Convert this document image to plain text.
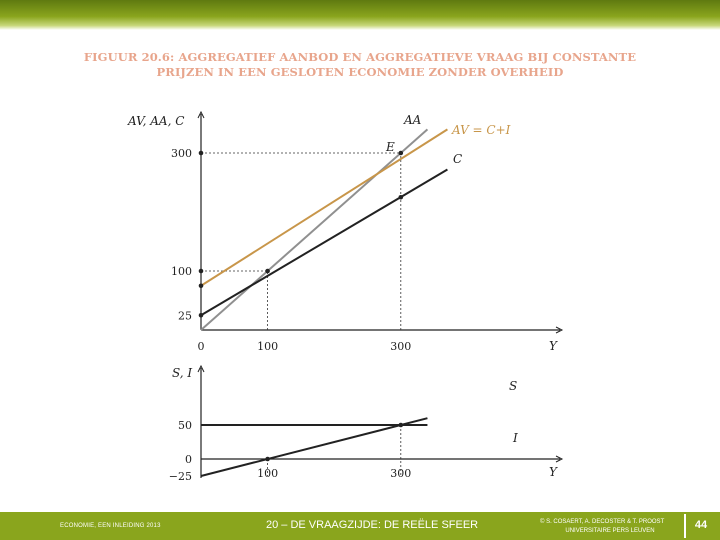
FIGUUR 20.6: AGGREGATIEF AANBOD EN AGGREGATIEVE VRAAG BIJ CONSTANTE
PRIJZEN IN EEN GESLOTEN ECONOMIE ZONDER OVERHEID
AV, AA, C
Y
0	100	300
25
100
300
AA
AV = C+I
C
E
S, I
Y
100	300
50
0
−25
S
I
ECONOMIE, EEN INLEIDING 2013	20 – DE VRAAGZIJDE: DE REËLE SFEER	© S. COSAERT, A. DECOSTER & T. PROOST
UNIVERSITAIRE PERS LEUVEN	44
